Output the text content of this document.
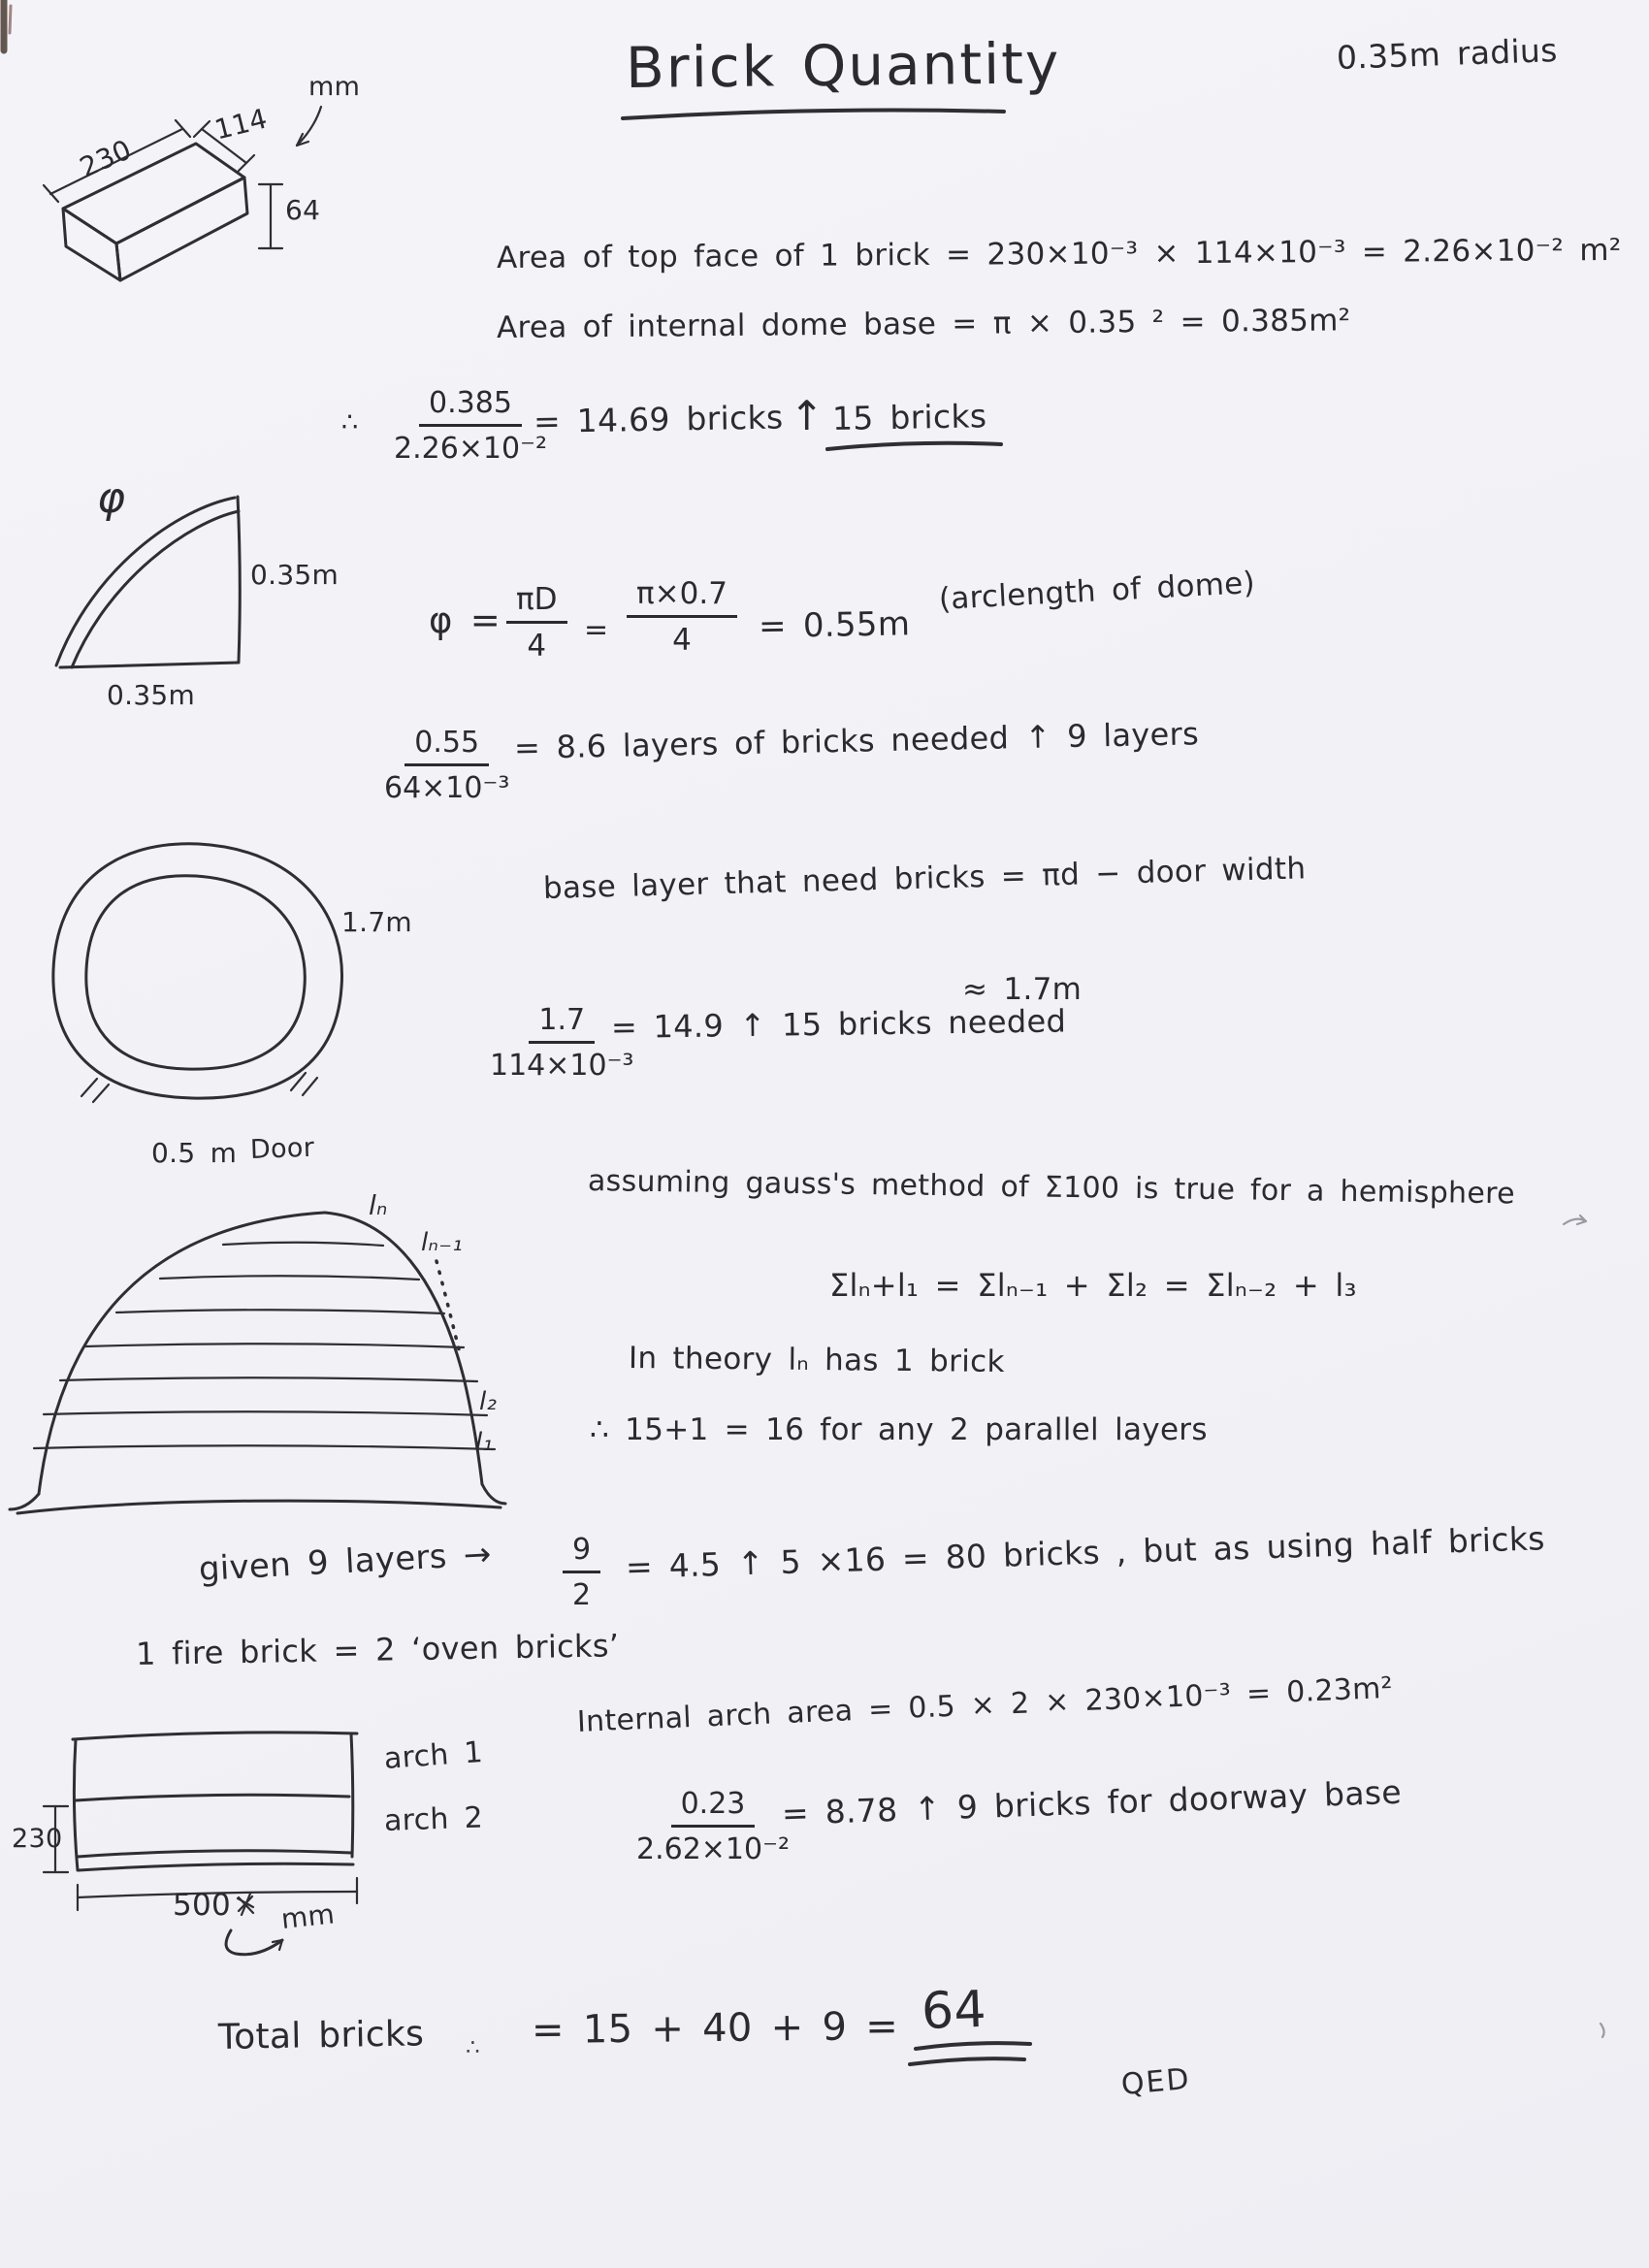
Brick Quantity	0.35m radius
mm
114
230
64
Area of top face of 1 brick = 230×10⁻³ × 114×10⁻³ = 2.26×10⁻² m²
Area of internal dome base = π × 0.35 ² = 0.385m²
∴ $\frac{0.385}{\text{2.26×10⁻²}}$
= 14.69 bricks ↑ 15 bricks
φ
0.35m
0.35m
$\varphi = \frac{\pi D}{4} = \frac{\pi\times 0.7}{4} = 0.55m$
(arclength of dome)
$\frac{0.55}{\text{64×10⁻³}} = 8.6$ layers of bricks needed ↑ 9 layers
1.7m
0.5 m Door
base layer that need bricks = πd − door width
≈ 1.7m
$\frac{1.7}{\text{114×10⁻³}}$
= 14.9 ↑ 15 bricks needed
assuming gauss's method of Σ100 is true for a hemisphere
Σlₙ+l₁ = Σlₙ₋₁ + Σl₂ = Σlₙ₋₂ + l₃
In theory lₙ has 1 brick
∴ 15+1 = 16 for any 2 parallel layers
lₙ
lₙ₋₁
l₂
l₁
given 9 layers → $\frac{9}{2} = 4.5$ ↑ 5 ×16 = 80 bricks , but as using half bricks
1 fire brick = 2 ‘oven bricks’
arch 1
arch 2
230
500 mm
Internal arch area = 0.5 × 2 × 230×10⁻³ = 0.23m²
$\frac{0.23}{\text{2.62×10⁻²}}$
= 8.78 ↑ 9 bricks for doorway base
Total bricks ∴ = 15 + 40 + 9 = 64
QED
